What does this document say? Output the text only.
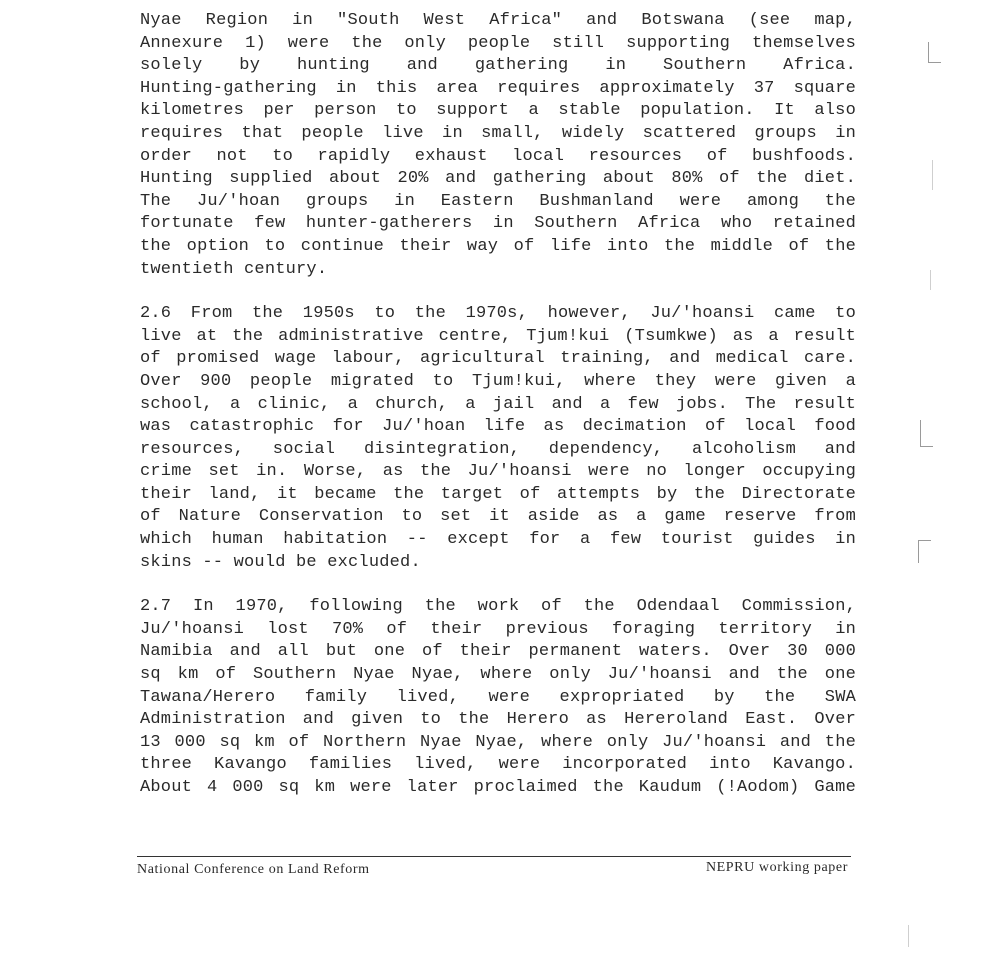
Nyae Region in "South West Africa" and Botswana (see map,
Annexure 1) were the only people still supporting themselves
solely by hunting and gathering in Southern Africa.
Hunting-gathering in this area requires approximately 37 square
kilometres per person to support a stable population. It also
requires that people live in small, widely scattered groups in
order not to rapidly exhaust local resources of bushfoods.
Hunting supplied about 20% and gathering about 80% of the diet.
The Ju/'hoan groups in Eastern Bushmanland were among the
fortunate few hunter-gatherers in Southern Africa who retained
the option to continue their way of life into the middle of the
twentieth century.

2.6 From the 1950s to the 1970s, however, Ju/'hoansi came to
live at the administrative centre, Tjum!kui (Tsumkwe) as a result
of promised wage labour, agricultural training, and medical care.
Over 900 people migrated to Tjum!kui, where they were given a
school, a clinic, a church, a jail and a few jobs. The result
was catastrophic for Ju/'hoan life as decimation of local food
resources, social disintegration, dependency, alcoholism and
crime set in. Worse, as the Ju/'hoansi were no longer occupying
their land, it became the target of attempts by the Directorate
of Nature Conservation to set it aside as a game reserve from
which human habitation -- except for a few tourist guides in
skins -- would be excluded.

2.7 In 1970, following the work of the Odendaal Commission,
Ju/'hoansi lost 70% of their previous foraging territory in
Namibia and all but one of their permanent waters. Over 30 000
sq km of Southern Nyae Nyae, where only Ju/'hoansi and the one
Tawana/Herero family lived, were expropriated by the SWA
Administration and given to the Herero as Hereroland East. Over
13 000 sq km of Northern Nyae Nyae, where only Ju/'hoansi and the
three Kavango families lived, were incorporated into Kavango.
About 4 000 sq km were later proclaimed the Kaudum (!Aodom) Game

National Conference on Land Reform	NEPRU working paper
